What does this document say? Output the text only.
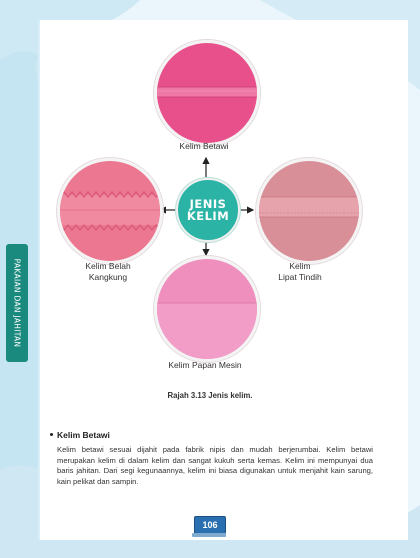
PAKAIAN DAN JAHITAN
JENIS
KELIM
Kelim Betawi
Kelim Belah
Kangkung
Kelim
Lipat Tindih
Kelim Papan Mesin
Rajah 3.13 Jenis kelim.
Kelim Betawi
Kelim betawi sesuai dijahit pada fabrik nipis dan mudah berjerumbai. Kelim betawi merupakan kelim di dalam kelim dan sangat kukuh serta kemas. Kelim ini mempunyai dua baris jahitan. Dari segi kegunaannya, kelim ini biasa digunakan untuk menjahit kain sarung, kain pelikat dan sampin.
106
